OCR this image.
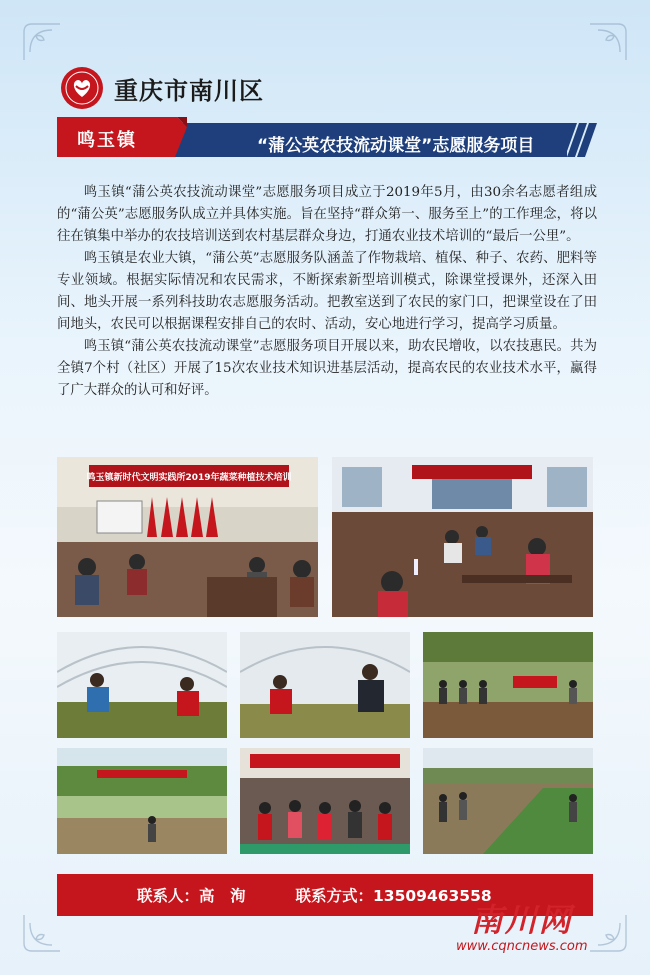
重庆市南川区
鸣玉镇	“蒲公英农技流动课堂”志愿服务项目

鸣玉镇“蒲公英农技流动课堂”志愿服务项目成立于2019年5月，由30余名志愿者组成的“蒲公英”志愿服务队成立并具体实施。旨在坚持“群众第一、服务至上”的工作理念，将以往在镇集中举办的农技培训送到农村基层群众身边，打通农业技术培训的“最后一公里”。

鸣玉镇是农业大镇，“蒲公英”志愿服务队涵盖了作物栽培、植保、种子、农药、肥料等专业领域。根据实际情况和农民需求，不断探索新型培训模式，除课堂授课外，还深入田间、地头开展一系列科技助农志愿服务活动。把教室送到了农民的家门口，把课堂设在了田间地头，农民可以根据课程安排自己的农时、活动，安心地进行学习，提高学习质量。

鸣玉镇“蒲公英农技流动课堂”志愿服务项目开展以来，助农民增收，以农技惠民。共为全镇7个村（社区）开展了15次农业技术知识进基层活动，提高农民的农业技术水平，赢得了广大群众的认可和好评。

鸣玉镇新时代文明实践所2019年蔬菜种植技术培训
联系人：高　洵	联系方式：13509463558
南川网
www.cqncnews.com
